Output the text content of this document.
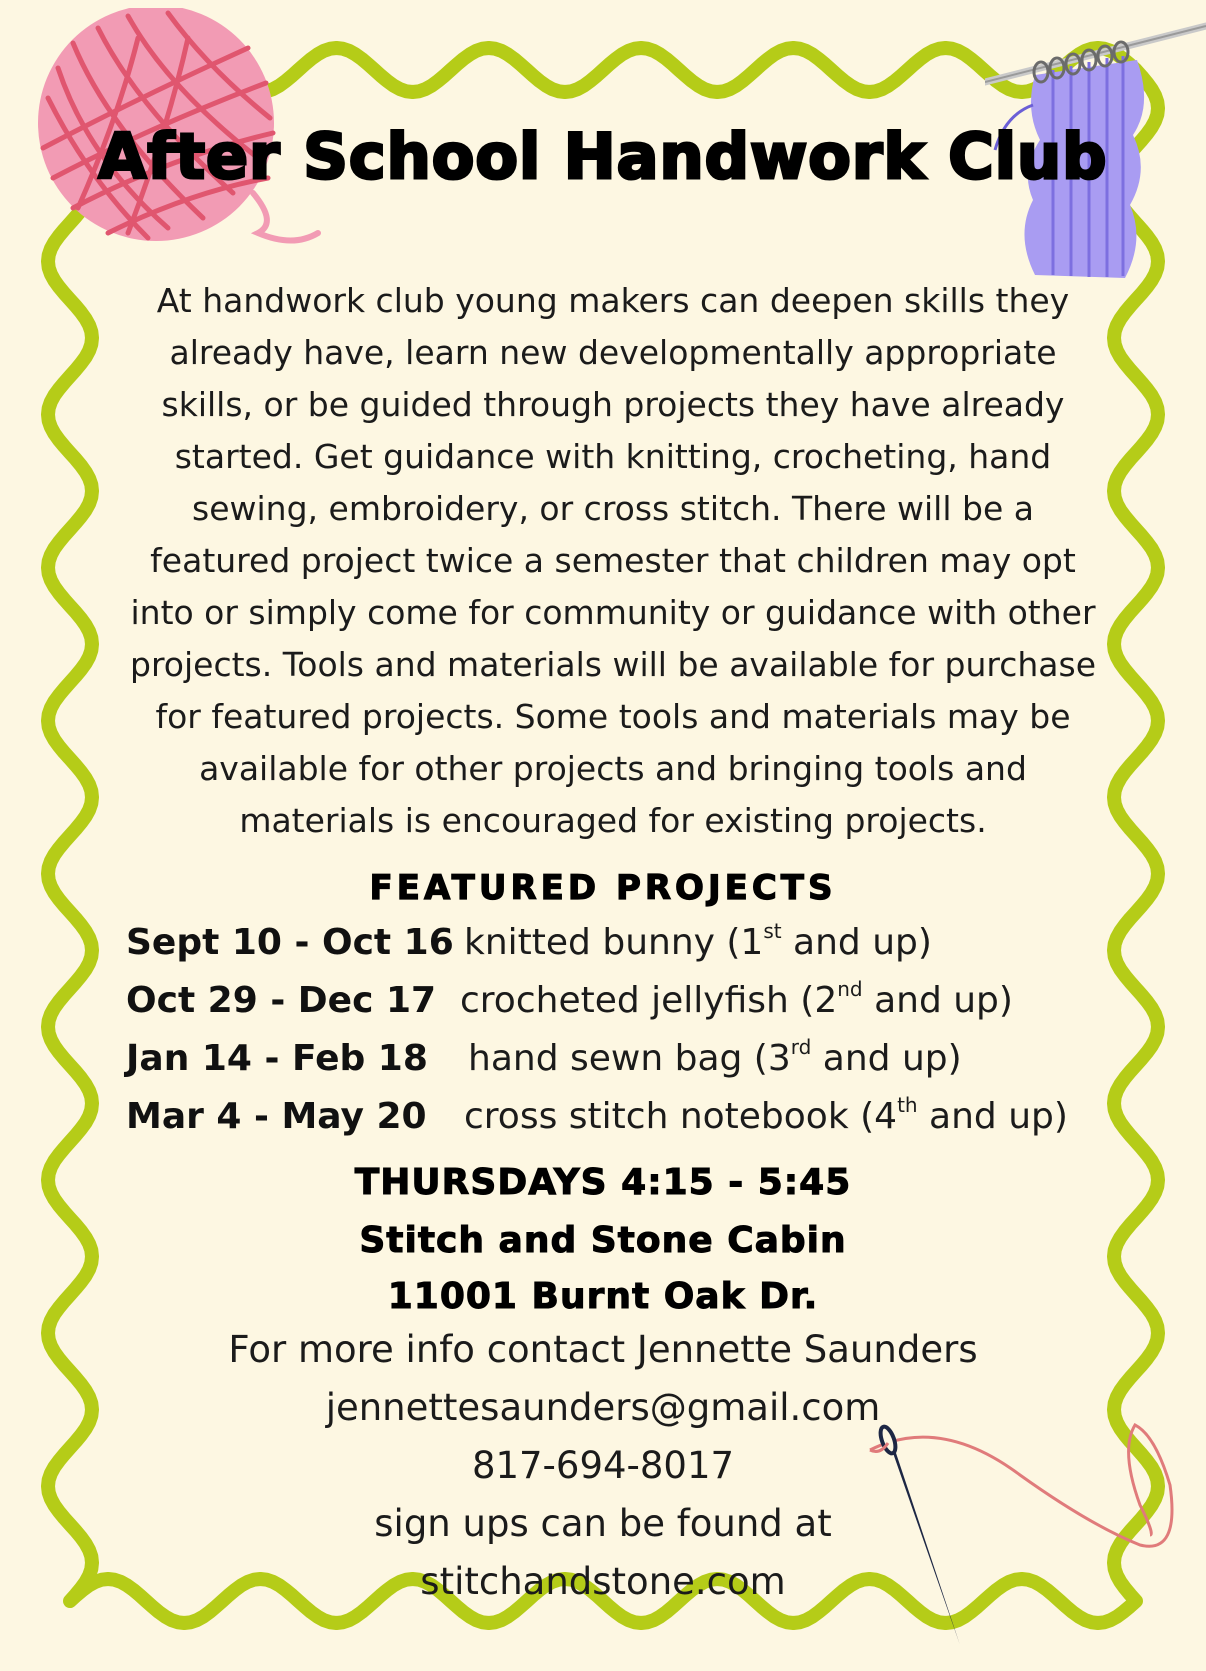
After School Handwork Club

At handwork club young makers can deepen skills they already have, learn new developmentally appropriate skills, or be guided through projects they have already started. Get guidance with knitting, crocheting, hand sewing, embroidery, or cross stitch. There will be a featured project twice a semester that children may opt into or simply come for community or guidance with other projects. Tools and materials will be available for purchase for featured projects. Some tools and materials may be available for other projects and bringing tools and materials is encouraged for existing projects.

FEATURED PROJECTS
Sept 10 - Oct 16 knitted bunny (1st and up)
Oct 29 - Dec 17 crocheted jellyfish (2nd and up)
Jan 14 - Feb 18 hand sewn bag (3rd and up)
Mar 4 - May 20 cross stitch notebook (4th and up)
THURSDAYS 4:15 - 5:45
Stitch and Stone Cabin
11001 Burnt Oak Dr.
For more info contact Jennette Saunders
jennettesaunders@gmail.com
817-694-8017
sign ups can be found at
stitchandstone.com
